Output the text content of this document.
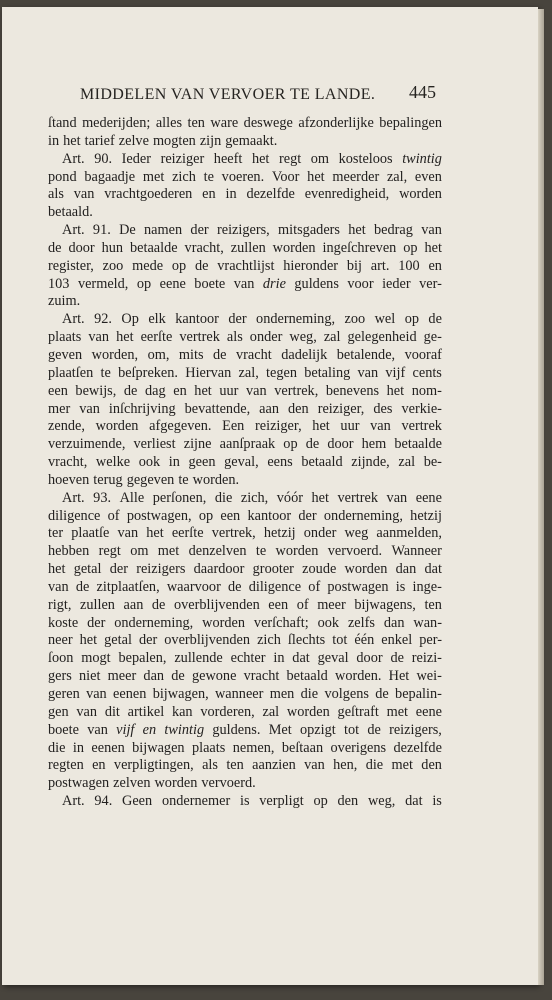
MIDDELEN VAN VERVOER TE LANDE. 445
ſtand mederijden; alles ten ware deswege afzonderlijke bepalingen
in het tarief zelve mogten zijn gemaakt.
Art. 90. Ieder reiziger heeft het regt om kosteloos twintig
pond bagaadje met zich te voeren. Voor het meerder zal, even
als van vrachtgoederen en in dezelfde evenredigheid, worden
betaald.
Art. 91. De namen der reizigers, mitsgaders het bedrag van
de door hun betaalde vracht, zullen worden ingeſchreven op het
register, zoo mede op de vrachtlijst hieronder bij art. 100 en
103 vermeld, op eene boete van drie guldens voor ieder ver-
zuim.
Art. 92. Op elk kantoor der onderneming, zoo wel op de
plaats van het eerſte vertrek als onder weg, zal gelegenheid ge-
geven worden, om, mits de vracht dadelijk betalende, vooraf
plaatſen te beſpreken. Hiervan zal, tegen betaling van vijf cents
een bewijs, de dag en het uur van vertrek, benevens het nom-
mer van inſchrijving bevattende, aan den reiziger, des verkie-
zende, worden afgegeven. Een reiziger, het uur van vertrek
verzuimende, verliest zijne aanſpraak op de door hem betaalde
vracht, welke ook in geen geval, eens betaald zijnde, zal be-
hoeven terug gegeven te worden.
Art. 93. Alle perſonen, die zich, vóór het vertrek van eene
diligence of postwagen, op een kantoor der onderneming, hetzij
ter plaatſe van het eerſte vertrek, hetzij onder weg aanmelden,
hebben regt om met denzelven te worden vervoerd. Wanneer
het getal der reizigers daardoor grooter zoude worden dan dat
van de zitplaatſen, waarvoor de diligence of postwagen is inge-
rigt, zullen aan de overblijvenden een of meer bijwagens, ten
koste der onderneming, worden verſchaft; ook zelfs dan wan-
neer het getal der overblijvenden zich ſlechts tot één enkel per-
ſoon mogt bepalen, zullende echter in dat geval door de reizi-
gers niet meer dan de gewone vracht betaald worden. Het wei-
geren van eenen bijwagen, wanneer men die volgens de bepalin-
gen van dit artikel kan vorderen, zal worden geſtraft met eene
boete van vijf en twintig guldens. Met opzigt tot de reizigers,
die in eenen bijwagen plaats nemen, beſtaan overigens dezelfde
regten en verpligtingen, als ten aanzien van hen, die met den
postwagen zelven worden vervoerd.
Art. 94. Geen ondernemer is verpligt op den weg, dat is
